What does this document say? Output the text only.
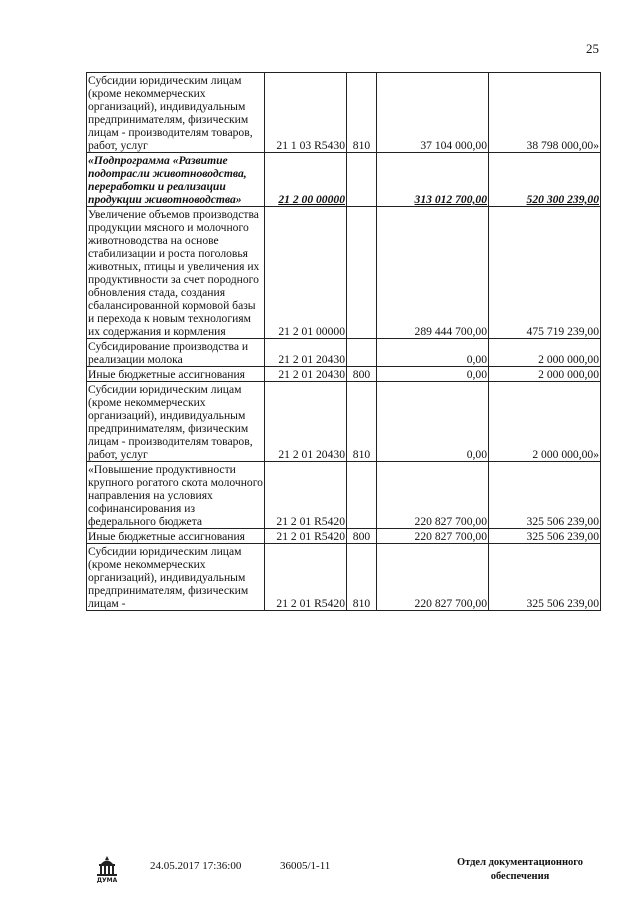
25
Субсидии юридическим лицам (кроме некоммерческих организаций), индивидуальным предпринимателям, физическим лицам - производителям товаров, работ, услуг	21 1 03 R5430	810	37 104 000,00	38 798 000,00»
«Подпрограмма «Развитие подотрасли животноводства, переработки и реализации продукции животноводства»	21 2 00 00000		313 012 700,00	520 300 239,00
Увеличение объемов производства продукции мясного и молочного животноводства на основе стабилизации и роста поголовья животных, птицы и увеличения их продуктивности за счет породного обновления стада, создания сбалансированной кормовой базы и перехода к новым технологиям их содержания и кормления	21 2 01 00000		289 444 700,00	475 719 239,00
Субсидирование производства и реализации молока	21 2 01 20430		0,00	2 000 000,00
Иные бюджетные ассигнования	21 2 01 20430	800	0,00	2 000 000,00
Субсидии юридическим лицам (кроме некоммерческих организаций), индивидуальным предпринимателям, физическим лицам - производителям товаров, работ, услуг	21 2 01 20430	810	0,00	2 000 000,00»
«Повышение продуктивности крупного рогатого скота молочного направления на условиях софинансирования из федерального бюджета	21 2 01 R5420		220 827 700,00	325 506 239,00
Иные бюджетные ассигнования	21 2 01 R5420	800	220 827 700,00	325 506 239,00
Субсидии юридическим лицам (кроме некоммерческих организаций), индивидуальным предпринимателям, физическим лицам -	21 2 01 R5420	810	220 827 700,00	325 506 239,00
ДУМА
24.05.2017 17:36:00	36005/1-11	Отдел документационного
обеспечения
